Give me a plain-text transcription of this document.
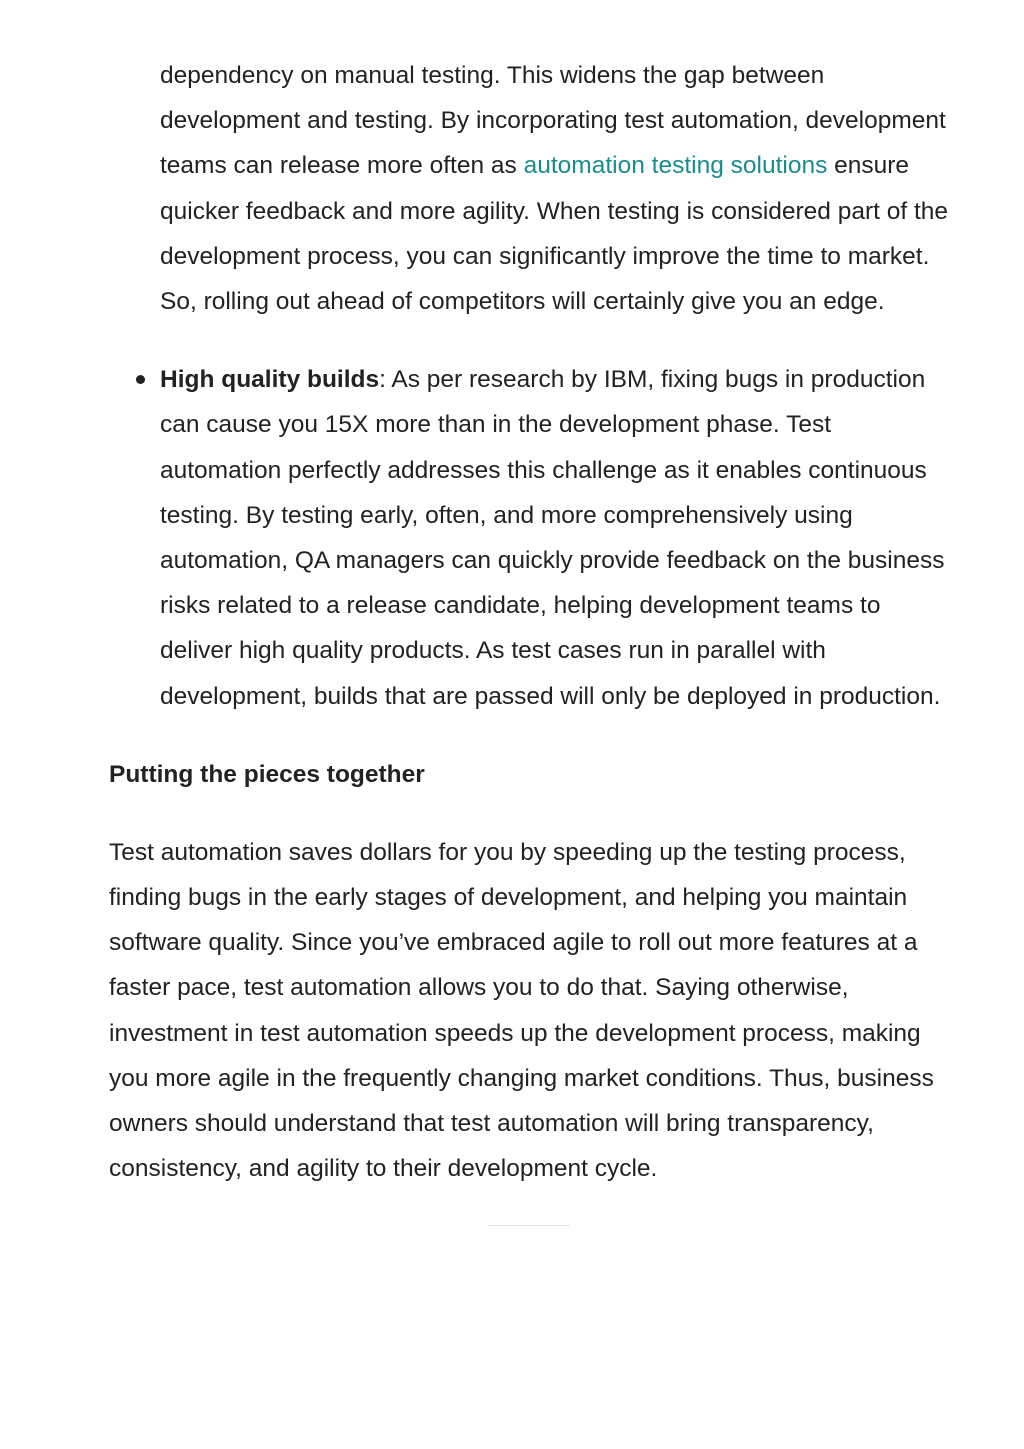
dependency on manual testing. This widens the gap between development and testing. By incorporating test automation, development teams can release more often as automation testing solutions ensure quicker feedback and more agility. When testing is considered part of the development process, you can significantly improve the time to market. So, rolling out ahead of competitors will certainly give you an edge.

High quality builds: As per research by IBM, fixing bugs in production can cause you 15X more than in the development phase. Test automation perfectly addresses this challenge as it enables continuous testing. By testing early, often, and more comprehensively using automation, QA managers can quickly provide feedback on the business risks related to a release candidate, helping development teams to deliver high quality products. As test cases run in parallel with development, builds that are passed will only be deployed in production.
Putting the pieces together

Test automation saves dollars for you by speeding up the testing process, finding bugs in the early stages of development, and helping you maintain software quality. Since you’ve embraced agile to roll out more features at a faster pace, test automation allows you to do that. Saying otherwise, investment in test automation speeds up the development process, making you more agile in the frequently changing market conditions. Thus, business owners should understand that test automation will bring transparency, consistency, and agility to their development cycle.
